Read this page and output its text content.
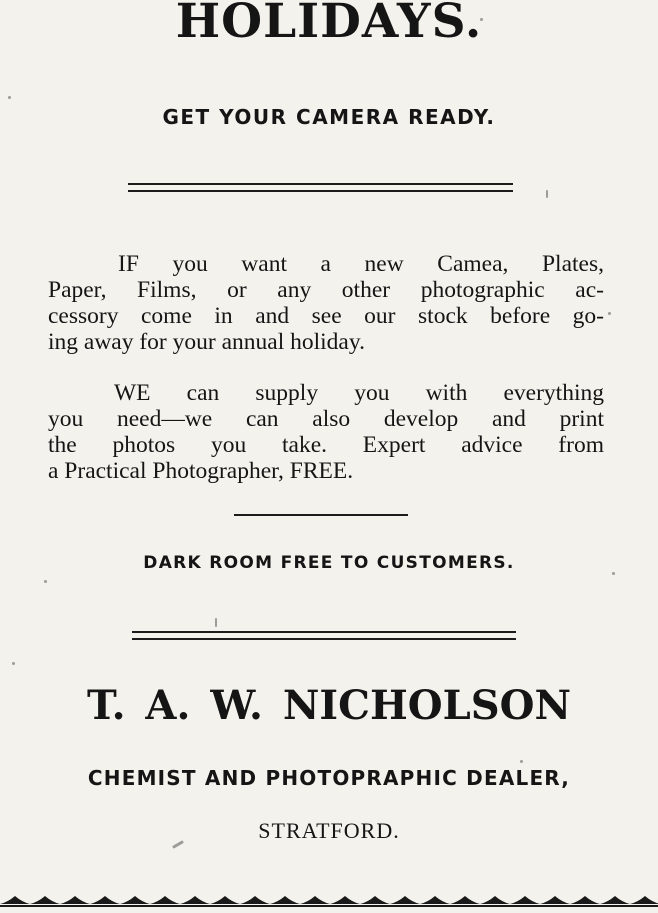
HOLIDAYS.

GET YOUR CAMERA READY.

IF you want a new Camea, Plates,
Paper, Films, or any other photographic ac-
cessory come in and see our stock before go-
ing away for your annual holiday.

WE can supply you with everything
you need—we can also develop and print
the photos you take. Expert advice from
a Practical Photographer, FREE.

DARK ROOM FREE TO CUSTOMERS.

T. A. W. NICHOLSON

CHEMIST AND PHOTOPRAPHIC DEALER,

STRATFORD.
